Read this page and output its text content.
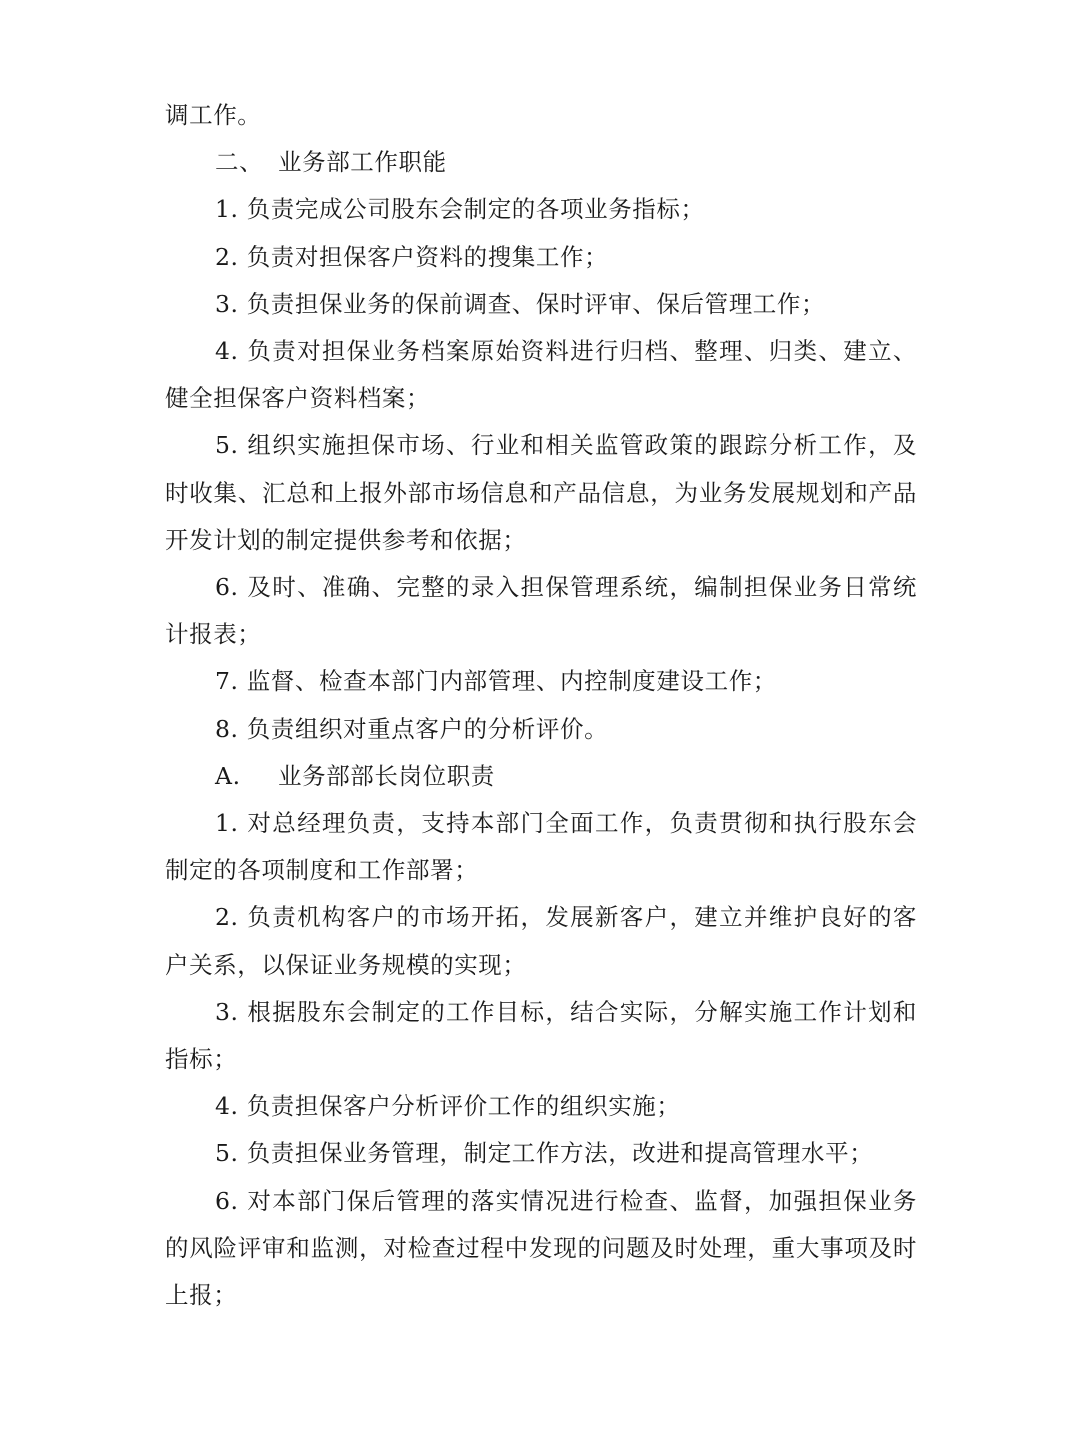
调工作。

二、 业务部工作职能

1. 负责完成公司股东会制定的各项业务指标；

2. 负责对担保客户资料的搜集工作；

3. 负责担保业务的保前调查、保时评审、保后管理工作；

4. 负责对担保业务档案原始资料进行归档、整理、归类、建立、健全担保客户资料档案；

5. 组织实施担保市场、行业和相关监管政策的跟踪分析工作，及时收集、汇总和上报外部市场信息和产品信息，为业务发展规划和产品开发计划的制定提供参考和依据；

6. 及时、准确、完整的录入担保管理系统，编制担保业务日常统计报表；

7. 监督、检查本部门内部管理、内控制度建设工作；

8. 负责组织对重点客户的分析评价。

A. 业务部部长岗位职责

1. 对总经理负责，支持本部门全面工作，负责贯彻和执行股东会制定的各项制度和工作部署；

2. 负责机构客户的市场开拓，发展新客户，建立并维护良好的客户关系，以保证业务规模的实现；

3. 根据股东会制定的工作目标，结合实际，分解实施工作计划和指标；

4. 负责担保客户分析评价工作的组织实施；

5. 负责担保业务管理，制定工作方法，改进和提高管理水平；

6. 对本部门保后管理的落实情况进行检查、监督，加强担保业务的风险评审和监测，对检查过程中发现的问题及时处理，重大事项及时上报；
